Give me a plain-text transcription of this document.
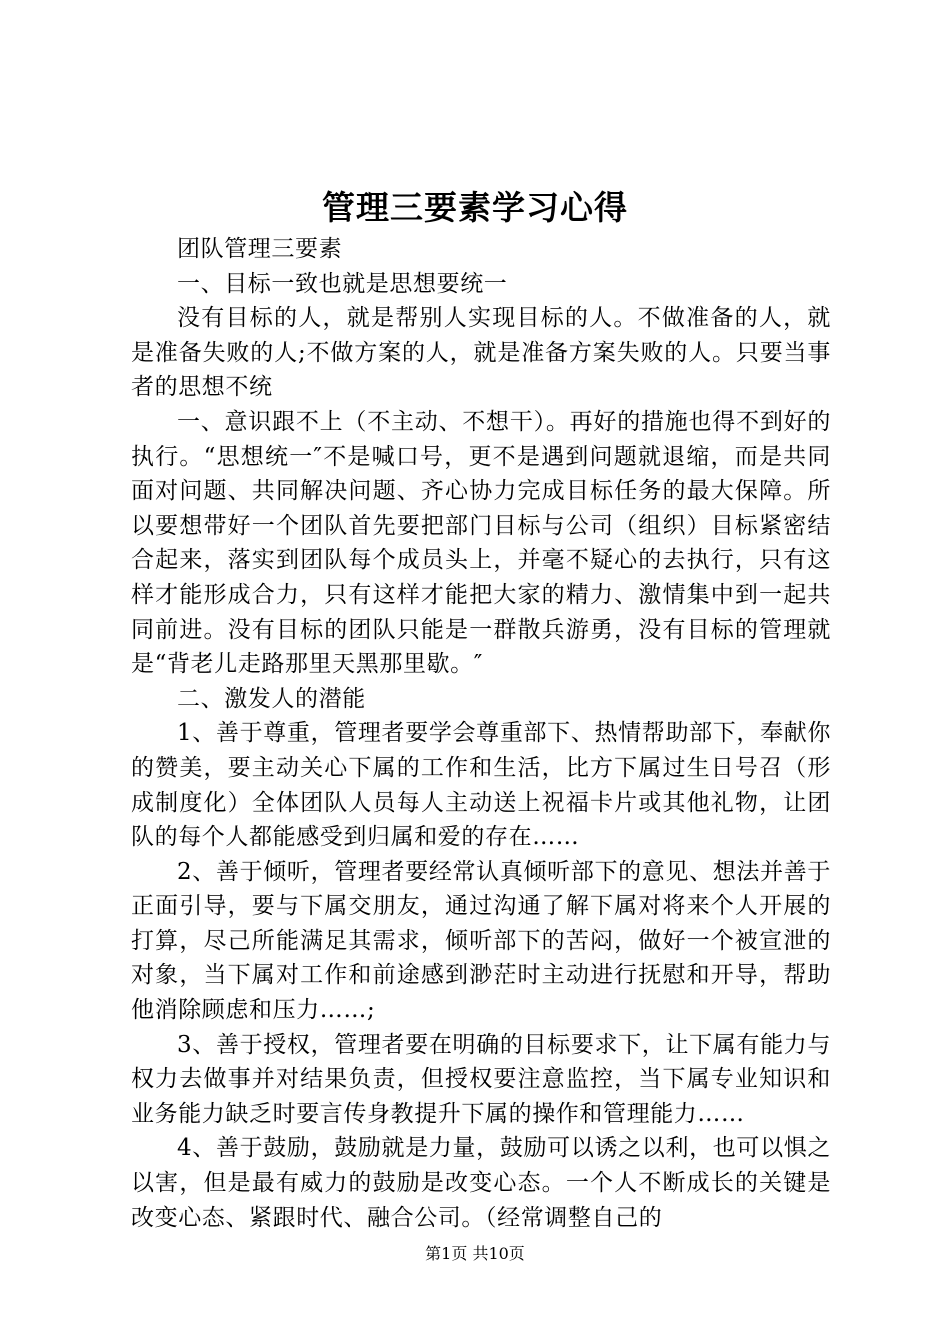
管理三要素学习心得

团队管理三要素

一、目标一致也就是思想要统一

没有目标的人，就是帮别人实现目标的人。不做准备的人，就是准备失败的人;不做方案的人，就是准备方案失败的人。只要当事者的思想不统

一、意识跟不上（不主动、不想干）。再好的措施也得不到好的执行。“思想统一″不是喊口号，更不是遇到问题就退缩，而是共同面对问题、共同解决问题、齐心协力完成目标任务的最大保障。所以要想带好一个团队首先要把部门目标与公司（组织）目标紧密结合起来，落实到团队每个成员头上，并毫不疑心的去执行，只有这样才能形成合力，只有这样才能把大家的精力、激情集中到一起共同前进。没有目标的团队只能是一群散兵游勇，没有目标的管理就是“背老儿走路那里天黑那里歇。″

二、激发人的潜能

1、善于尊重，管理者要学会尊重部下、热情帮助部下，奉献你的赞美，要主动关心下属的工作和生活，比方下属过生日号召（形成制度化）全体团队人员每人主动送上祝福卡片或其他礼物，让团队的每个人都能感受到归属和爱的存在……

2、善于倾听，管理者要经常认真倾听部下的意见、想法并善于正面引导，要与下属交朋友，通过沟通了解下属对将来个人开展的打算，尽己所能满足其需求，倾听部下的苦闷，做好一个被宣泄的对象，当下属对工作和前途感到渺茫时主动进行抚慰和开导，帮助他消除顾虑和压力……;

3、善于授权，管理者要在明确的目标要求下，让下属有能力与权力去做事并对结果负责，但授权要注意监控，当下属专业知识和业务能力缺乏时要言传身教提升下属的操作和管理能力……

4、善于鼓励，鼓励就是力量，鼓励可以诱之以利，也可以惧之以害，但是最有威力的鼓励是改变心态。一个人不断成长的关键是改变心态、紧跟时代、融合公司。（经常调整自己的

第1页 共10页
